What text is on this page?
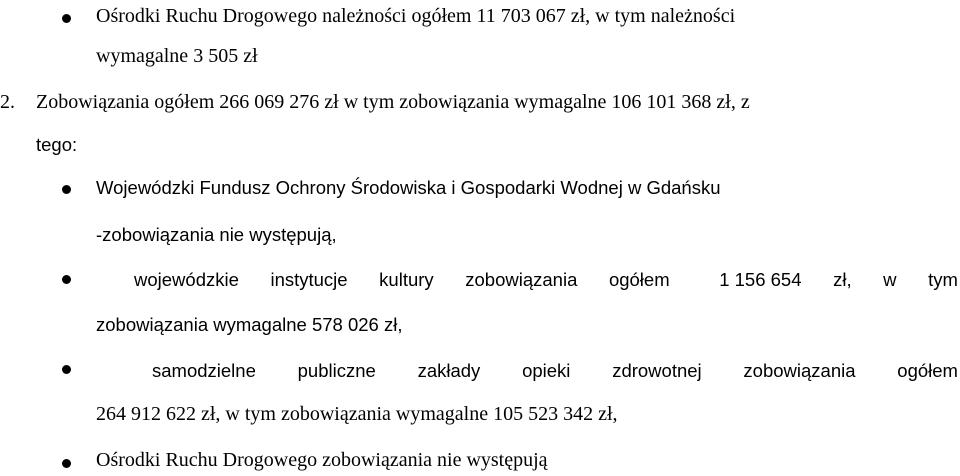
Ośrodki Ruchu Drogowego należności ogółem 11 703 067 zł, w tym należności
wymagalne 3 505 zł
2. Zobowiązania ogółem 266 069 276 zł w tym zobowiązania wymagalne 106 101 368 zł, z
tego:
Wojewódzki Fundusz Ochrony Środowiska i Gospodarki Wodnej w Gdańsku
-zobowiązania nie występują,
wojewódzkie instytucje kultury zobowiązania ogółem	1 156 654 zł, w tym
zobowiązania wymagalne 578 026 zł,
samodzielne publiczne zakłady opieki zdrowotnej zobowiązania ogółem
264 912 622 zł, w tym zobowiązania wymagalne 105 523 342 zł,
Ośrodki Ruchu Drogowego zobowiązania nie występują
